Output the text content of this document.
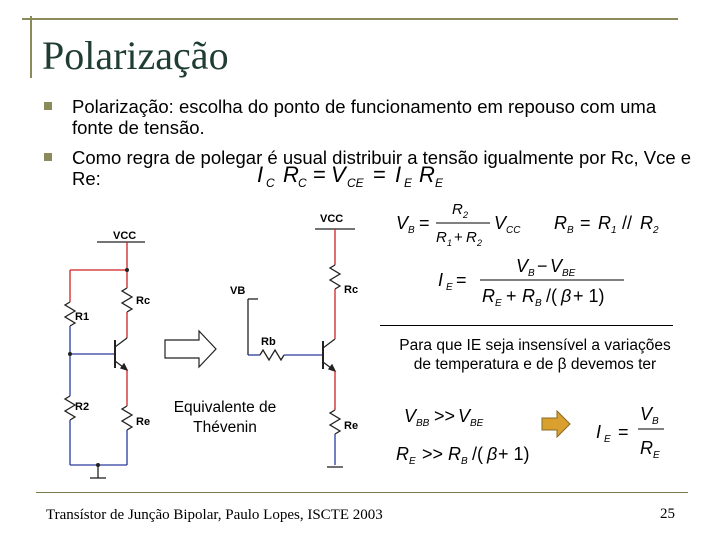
Polarização
Polarização: escolha do ponto de funcionamento em repouso com uma fonte de tensão.
Como regra de polegar é usual distribuir a tensão igualmente por Rc, Vce e Re:	I C R C = V CE = I E R E
VCC
R1
Rc
R2
Re
VCC
VB	Rc
Rb
Re
Equivalente de Thévenin
V B =
R 2
R 1 + R 2
V CC R B = R 1 // R 2
I E =
V B − V BE
R E + R B /( β + 1)
Para que IE seja insensível a variações de temperatura e de β devemos ter
V BB >> V BE
R E >> R B /( β + 1)
I E =
V B
R E
Transístor de Junção Bipolar, Paulo Lopes, ISCTE 2003	25
